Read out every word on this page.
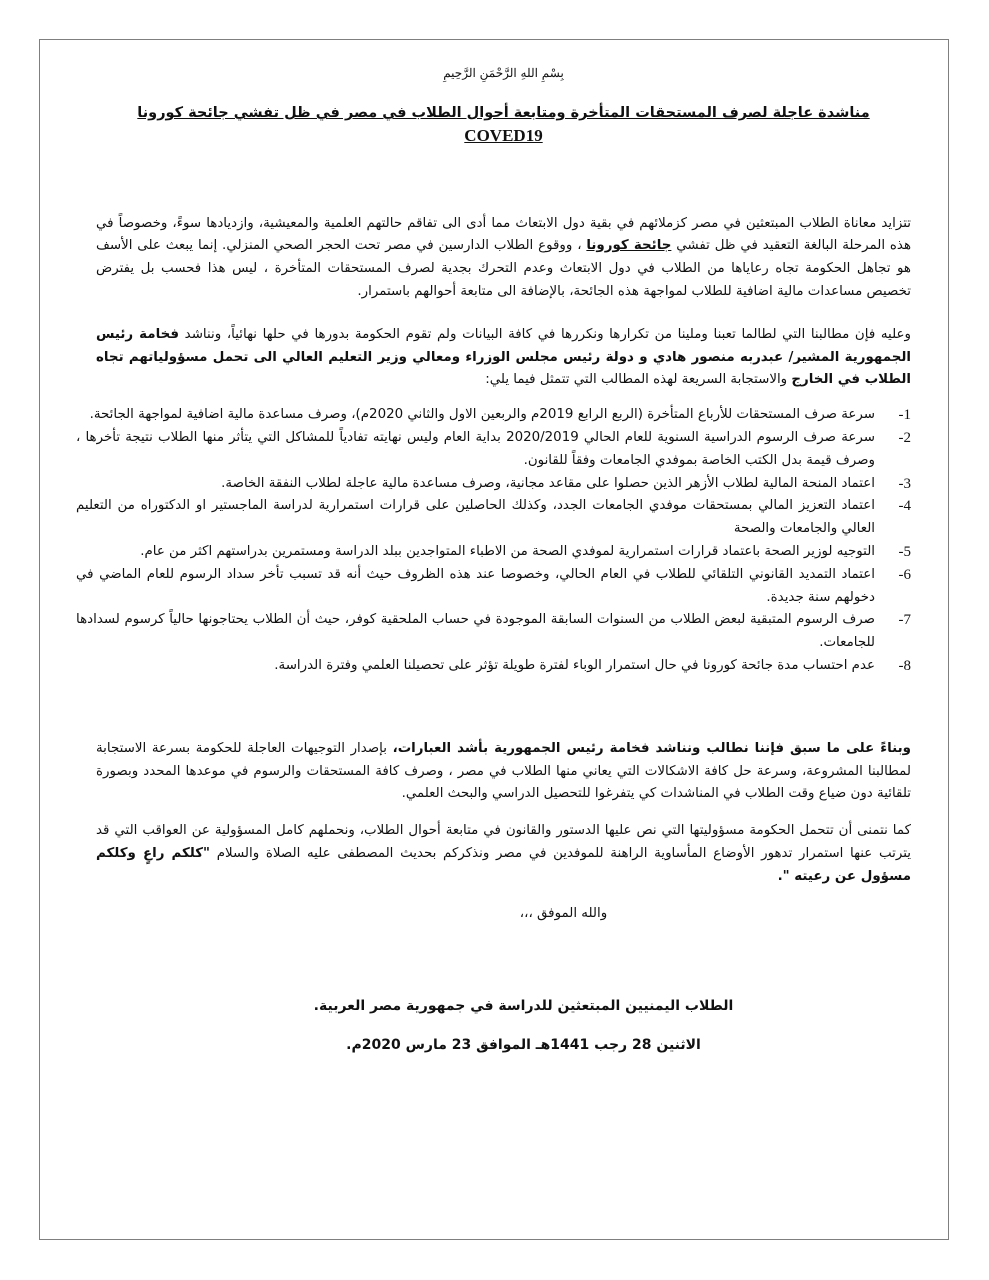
بِسْمِ اللهِ الرَّحْمَنِ الرَّحِيمِ
مناشدة عاجلة لصرف المستحقات المتأخرة ومتابعة أحوال الطلاب في مصر في ظل تفشي جائحة كورونا COVED19

تتزايد معاناة الطلاب المبتعثين في مصر كزملائهم في بقية دول الابتعاث مما أدى الى تفاقم حالتهم العلمية والمعيشية، وازديادها سوءً، وخصوصاً في هذه المرحلة البالغة التعقيد في ظل تفشي جائحة كورونا ، ووقوع الطلاب الدارسين في مصر تحت الحجر الصحي المنزلي. إنما يبعث على الأسف هو تجاهل الحكومة تجاه رعاياها من الطلاب في دول الابتعاث وعدم التحرك بجدية لصرف المستحقات المتأخرة ، ليس هذا فحسب بل يفترض تخصيص مساعدات مالية اضافية للطلاب لمواجهة هذه الجائحة، بالإضافة الى متابعة أحوالهم باستمرار.

وعليه فإن مطالبنا التي لطالما تعبنا وملينا من تكرارها ونكررها في كافة البيانات ولم تقوم الحكومة بدورها في حلها نهائياً، ونناشد فخامة رئيس الجمهورية المشير/ عبدربه منصور هادي و دولة رئيس مجلس الوزراء ومعالي وزير التعليم العالي الى تحمل مسؤولياتهم تجاه الطلاب في الخارج والاستجابة السريعة لهذه المطالب التي تتمثل فيما يلي:

-1
سرعة صرف المستحقات للأرباع المتأخرة (الربع الرابع 2019م والربعين الاول والثاني 2020م)، وصرف مساعدة مالية اضافية لمواجهة الجائحة.
-2
سرعة صرف الرسوم الدراسية السنوية للعام الحالي 2020/2019 بداية العام وليس نهايته تفادياً للمشاكل التي يتأثر منها الطلاب نتيجة تأخرها ، وصرف قيمة بدل الكتب الخاصة بموفدي الجامعات وفقاً للقانون.
-3
اعتماد المنحة المالية لطلاب الأزهر الذين حصلوا على مقاعد مجانية، وصرف مساعدة مالية عاجلة لطلاب النفقة الخاصة.
-4
اعتماد التعزيز المالي بمستحقات موفدي الجامعات الجدد، وكذلك الحاصلين على قرارات استمرارية لدراسة الماجستير او الدكتوراه من التعليم العالي والجامعات والصحة
-5
التوجيه لوزير الصحة باعتماد قرارات استمرارية لموفدي الصحة من الاطباء المتواجدين ببلد الدراسة ومستمرين بدراستهم اكثر من عام.
-6
اعتماد التمديد القانوني التلقائي للطلاب في العام الحالي، وخصوصا عند هذه الظروف حيث أنه قد تسبب تأخر سداد الرسوم للعام الماضي في دخولهم سنة جديدة.
-7
صرف الرسوم المتبقية لبعض الطلاب من السنوات السابقة الموجودة في حساب الملحقية كوفر، حيث أن الطلاب يحتاجونها حالياً كرسوم لسدادها للجامعات.
-8
عدم احتساب مدة جائحة كورونا في حال استمرار الوباء لفترة طويلة تؤثر على تحصيلنا العلمي وفترة الدراسة.

وبناءً على ما سبق فإننا نطالب ونناشد فخامة رئيس الجمهورية بأشد العبارات، بإصدار التوجيهات العاجلة للحكومة بسرعة الاستجابة لمطالبنا المشروعة، وسرعة حل كافة الاشكالات التي يعاني منها الطلاب في مصر ، وصرف كافة المستحقات والرسوم في موعدها المحدد وبصورة تلقائية دون ضياع وقت الطلاب في المناشدات كي يتفرغوا للتحصيل الدراسي والبحث العلمي.

كما نتمنى أن تتحمل الحكومة مسؤوليتها التي نص عليها الدستور والقانون في متابعة أحوال الطلاب، ونحملهم كامل المسؤولية عن العواقب التي قد يترتب عنها استمرار تدهور الأوضاع المأساوية الراهنة للموفدين في مصر ونذكركم بحديث المصطفى عليه الصلاة والسلام "كلكم راعٍ وكلكم مسؤول عن رعيته ".

والله الموفق ،،،
الطلاب اليمنيين المبتعثين للدراسة في جمهورية مصر العربية.
الاثنين 28 رجب 1441هـ الموافق 23 مارس 2020م.
